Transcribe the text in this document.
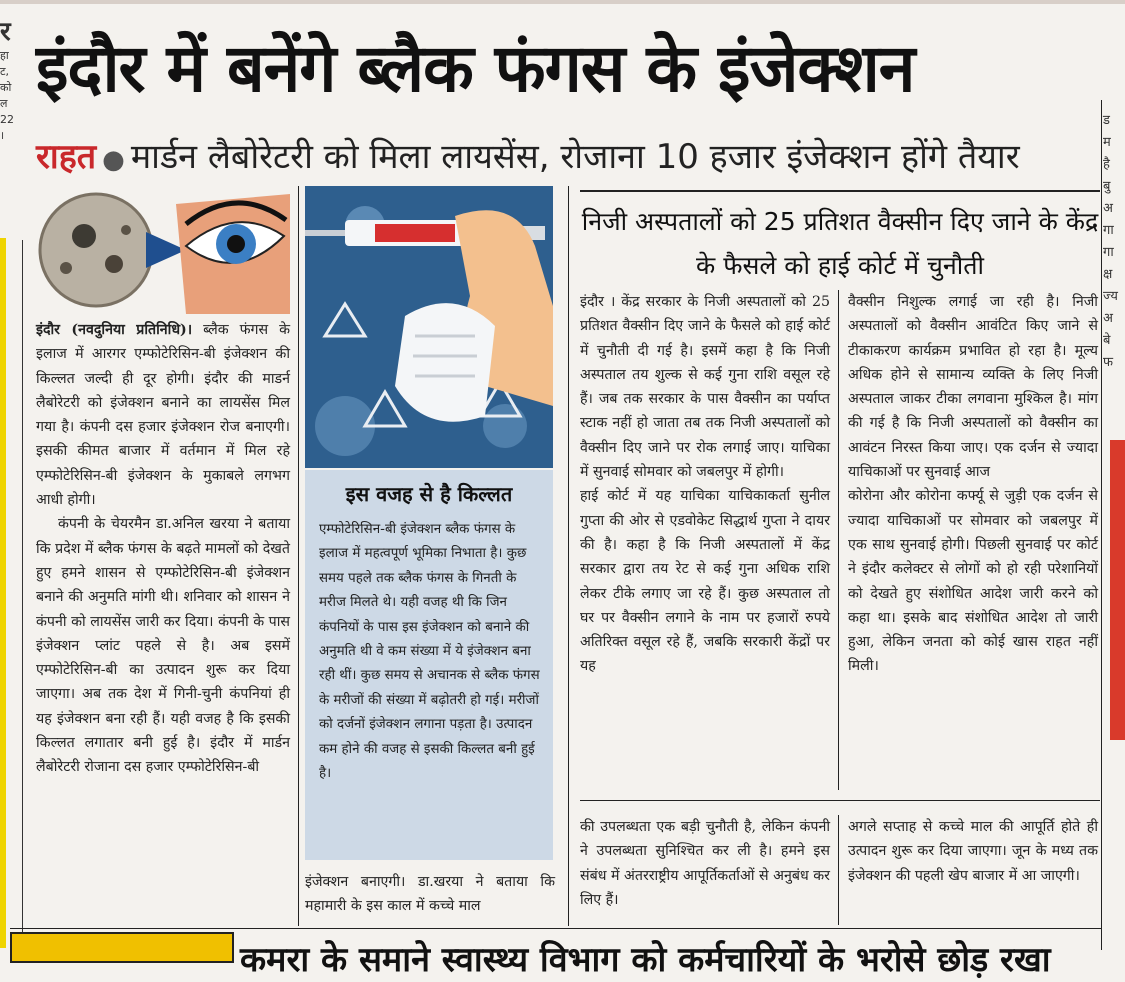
र
हा
ट,
को
ल
22
।
ड
म
है
बु
अ
गा
गा
क्ष
ज्य
अ
बे
फ
इंदौर में बनेंगे ब्लैक फंगस के इंजेक्शन
राहत ● मार्डन लैबोरेटरी को मिला लायसेंस, रोजाना 10 हजार इंजेक्शन होंगे तैयार

इंदौर (नवदुनिया प्रतिनिधि)। ब्लैक फंगस के इलाज में आरगर एम्फोटेरिसिन-बी इंजेक्शन की किल्लत जल्दी ही दूर होगी। इंदौर की माडर्न लैबोरेटरी को इंजेक्शन बनाने का लायसेंस मिल गया है। कंपनी दस हजार इंजेक्शन रोज बनाएगी। इसकी कीमत बाजार में वर्तमान में मिल रहे एम्फोटेरिसिन-बी इंजेक्शन के मुकाबले लगभग आधी होगी।

कंपनी के चेयरमैन डा.अनिल खरया ने बताया कि प्रदेश में ब्लैक फंगस के बढ़ते मामलों को देखते हुए हमने शासन से एम्फोटेरिसिन-बी इंजेक्शन बनाने की अनुमति मांगी थी। शनिवार को शासन ने कंपनी को लायसेंस जारी कर दिया। कंपनी के पास इंजेक्शन प्लांट पहले से है। अब इसमें एम्फोटेरिसिन-बी का उत्पादन शुरू कर दिया जाएगा। अब तक देश में गिनी-चुनी कंपनियां ही यह इंजेक्शन बना रही हैं। यही वजह है कि इसकी किल्लत लगातार बनी हुई है। इंदौर में मार्डन लैबोरेटरी रोजाना दस हजार एम्फोटेरिसिन-बी

इस वजह से है किल्लत
एम्फोटेरिसिन-बी इंजेक्शन ब्लैक फंगस के इलाज में महत्वपूर्ण भूमिका निभाता है। कुछ समय पहले तक ब्लैक फंगस के गिनती के मरीज मिलते थे। यही वजह थी कि जिन कंपनियों के पास इस इंजेक्शन को बनाने की अनुमति थी वे कम संख्या में ये इंजेक्शन बना रही थीं। कुछ समय से अचानक से ब्लैक फंगस के मरीजों की संख्या में बढ़ोतरी हो गई। मरीजों को दर्जनों इंजेक्शन लगाना पड़ता है। उत्पादन कम होने की वजह से इसकी किल्लत बनी हुई है।
इंजेक्शन बनाएगी। डा.खरया ने बताया कि महामारी के इस काल में कच्चे माल
निजी अस्पतालों को 25 प्रतिशत वैक्सीन दिए जाने के केंद्र के फैसले को हाई कोर्ट में चुनौती
इंदौर । केंद्र सरकार के निजी अस्पतालों को 25 प्रतिशत वैक्सीन दिए जाने के फैसले को हाई कोर्ट में चुनौती दी गई है। इसमें कहा है कि निजी अस्पताल तय शुल्क से कई गुना राशि वसूल रहे हैं। जब तक सरकार के पास वैक्सीन का पर्याप्त स्टाक नहीं हो जाता तब तक निजी अस्पतालों को वैक्सीन दिए जाने पर रोक लगाई जाए। याचिका में सुनवाई सोमवार को जबलपुर में होगी।
हाई कोर्ट में यह याचिका याचिकाकर्ता सुनील गुप्ता की ओर से एडवोकेट सिद्धार्थ गुप्ता ने दायर की है। कहा है कि निजी अस्पतालों में केंद्र सरकार द्वारा तय रेट से कई गुना अधिक राशि लेकर टीके लगाए जा रहे हैं। कुछ अस्पताल तो घर पर वैक्सीन लगाने के नाम पर हजारों रुपये अतिरिक्त वसूल रहे हैं, जबकि सरकारी केंद्रों पर यह
वैक्सीन निशुल्क लगाई जा रही है। निजी अस्पतालों को वैक्सीन आवंटित किए जाने से टीकाकरण कार्यक्रम प्रभावित हो रहा है। मूल्य अधिक होने से सामान्य व्यक्ति के लिए निजी अस्पताल जाकर टीका लगवाना मुश्किल है। मांग की गई है कि निजी अस्पतालों को वैक्सीन का आवंटन निरस्त किया जाए। एक दर्जन से ज्यादा याचिकाओं पर सुनवाई आज
कोरोना और कोरोना कर्फ्यू से जुड़ी एक दर्जन से ज्यादा याचिकाओं पर सोमवार को जबलपुर में एक साथ सुनवाई होगी। पिछली सुनवाई पर कोर्ट ने इंदौर कलेक्टर से लोगों को हो रही परेशानियों को देखते हुए संशोधित आदेश जारी करने को कहा था। इसके बाद संशोधित आदेश तो जारी हुआ, लेकिन जनता को कोई खास राहत नहीं मिली।
की उपलब्धता एक बड़ी चुनौती है, लेकिन कंपनी ने उपलब्धता सुनिश्चित कर ली है। हमने इस संबंध में अंतरराष्ट्रीय आपूर्तिकर्ताओं से अनुबंध कर लिए हैं।
अगले सप्ताह से कच्चे माल की आपूर्ति होते ही उत्पादन शुरू कर दिया जाएगा। जून के मध्य तक इंजेक्शन की पहली खेप बाजार में आ जाएगी।
कमरा के समाने स्वास्थ्य विभाग को कर्मचारियों के भरोसे छोड़ रखा
